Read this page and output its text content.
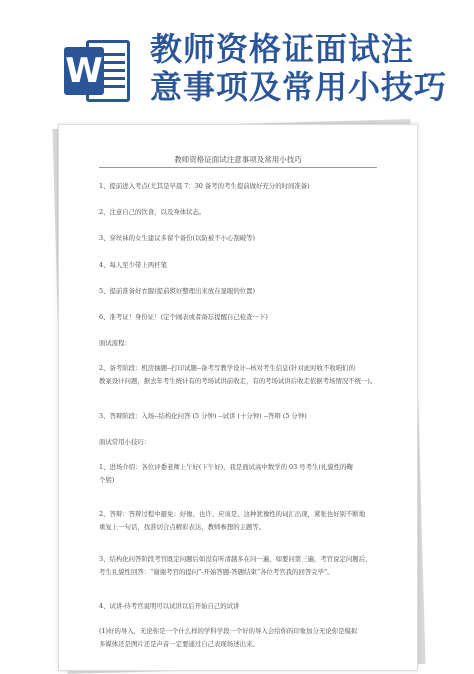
W
教师资格证面试注
意事项及常用小技巧
教师资格证面试注意事项及常用小技巧
1、提前进入考点(尤其是早晨 7：30 备考的考生提前做好充分的时间准备)
2、注意自己的饮食，以及身体状态。
3、穿丝袜的女生建议多留个备份(以防被不小心刮破等)
4、每人至少带上两杆笔
5、提前准备好衣服(提前熨好整理出来放在显眼的位置)
6、准考证！身份证！(定个闹表或者备忘提醒自己检查一下)
面试流程：
2、备考阶段：机房抽题--打印试题--备考写教学设计--核对考生信息(针对此时收不收咱们的
教案设计问题，据去年考生统计有的考场试讲前收走，有的考场试讲后收走依据考场情况不统一)。
3、答辩阶段：入场--结构化问答 (5 分钟) --试讲 (十分钟) --答辩 (5 分钟)
面试常用小技巧：
1、进场介绍：各位评委老师上午好(下午好)，我是面试高中数学的 03 号考生(礼貌性的鞠
个躬)
2、答辩：答辩过程中避免：好像、也许、应该是、这种犹豫性的词汇出现，紧张也好别不断地
重复上一句话，找准切合点精彩表达，教师参想的主题等。
3、结构化问答阶段考官既定问题后如没有听清越多在问一遍，如要问第三遍，考官说定问题后，
考生礼貌性回答：“谢谢考官的提问”-开始答题-答题结束“各位考官我的回答完毕”。
4、试讲-待考官说明可以试讲以后开始自己的试讲
(1)好的导入，无论你是一个什么样的学科学段一个好的导入会给你的印象加分无论你是模拟
多媒体还是图片还是声音一定要通过自己表现场述出来。
